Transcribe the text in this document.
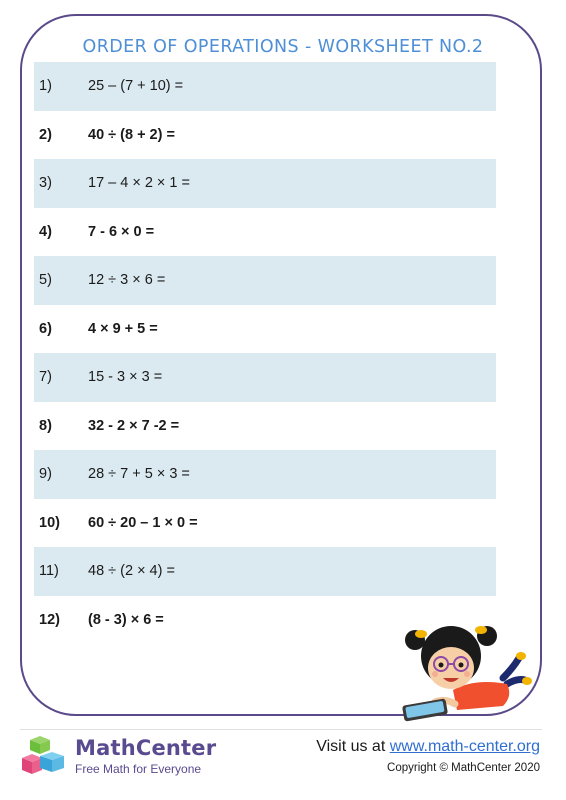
ORDER OF OPERATIONS - WORKSHEET NO.2
1)	25 – (7 + 10) =
2)	40 ÷ (8 + 2) =
3)	17 – 4 × 2 × 1 =
4)	7 - 6 × 0 =
5)	12 ÷ 3 × 6 =
6)	4 × 9 + 5 =
7)	15 - 3 × 3 =
8)	32 - 2 × 7 -2 =
9)	28 ÷ 7 + 5 × 3 =
10)	60 ÷ 20 – 1 × 0 =
11)	48 ÷ (2 × 4) =
12)	(8 - 3) × 6 =
MathCenter
Free Math for Everyone
Visit us at www.math-center.org
Copyright © MathCenter 2020
